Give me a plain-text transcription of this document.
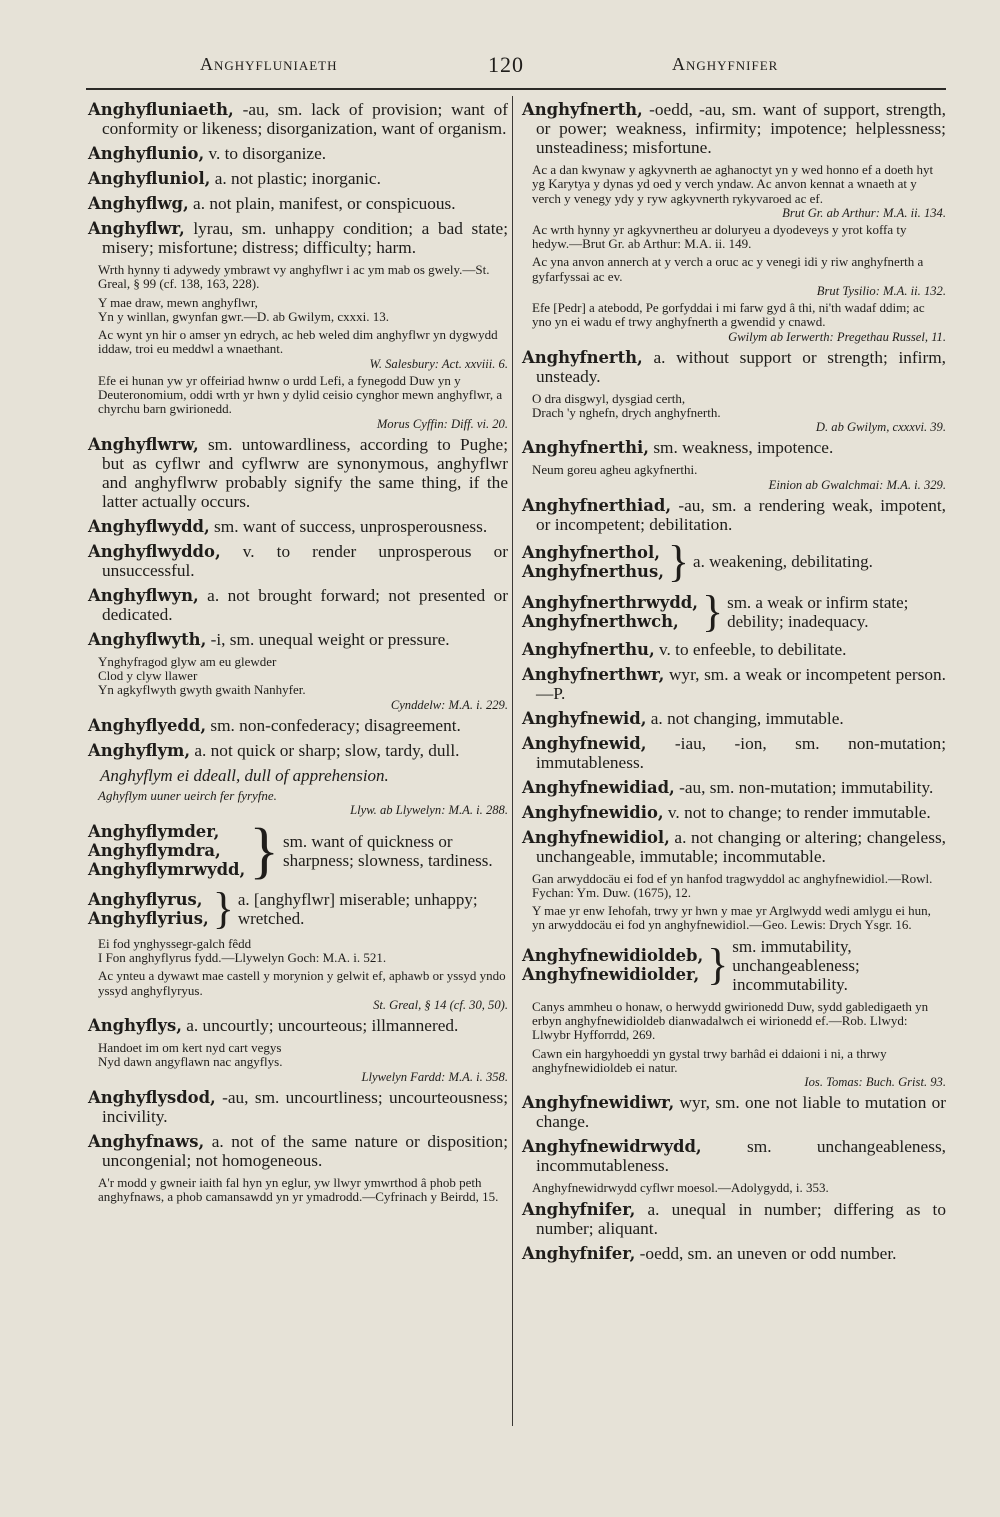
Anghyfluniaeth	120	Anghyfnifer
Anghyfluniaeth, -au, sm. lack of provision; want of conformity or likeness; disorganization, want of organism.
Anghyflunio, v. to disorganize.
Anghyfluniol, a. not plastic; inorganic.
Anghyflwg, a. not plain, manifest, or conspicuous.
Anghyflwr, lyrau, sm. unhappy condition; a bad state; misery; misfortune; distress; difficulty; harm.

Wrth hynny ti adywedy ymbrawt vy anghyflwr i ac ym mab os gwely.—St. Greal, § 99 (cf. 138, 163, 228).

Y mae draw, mewn anghyflwr,

Yn y winllan, gwynfan gwr.—D. ab Gwilym, cxxxi. 13.

Ac wynt yn hir o amser yn edrych, ac heb weled dim anghyflwr yn dygwydd iddaw, troi eu meddwl a wnaethant.

W. Salesbury: Act. xxviii. 6.

Efe ei hunan yw yr offeiriad hwnw o urdd Lefi, a fynegodd Duw yn y Deuteronomium, oddi wrth yr hwn y dylid ceisio cynghor mewn anghyflwr, a chyrchu barn gwirionedd.

Morus Cyffin: Diff. vi. 20.

Anghyflwrw, sm. untowardliness, according to Pughe; but as cyflwr and cyflwrw are synonymous, anghyflwr and anghyflwrw probably signify the same thing, if the latter actually occurs.
Anghyflwydd, sm. want of success, unprosperousness.
Anghyflwyddo, v. to render unprosperous or unsuccessful.
Anghyflwyn, a. not brought forward; not presented or dedicated.
Anghyflwyth, -i, sm. unequal weight or pressure.

Ynghyfragod glyw am eu glewder

Clod y clyw llawer

Yn agkyflwyth gwyth gwaith Nanhyfer.

Cynddelw: M.A. i. 229.

Anghyflyedd, sm. non-confederacy; disagreement.
Anghyflym, a. not quick or sharp; slow, tardy, dull.

Anghyflym ei ddeall, dull of apprehension.

Aghyflym uuner ueirch fer fyryfne.

Llyw. ab Llywelyn: M.A. i. 288.

Anghyflymder,
Anghyflymdra,
Anghyflymrwydd, } sm. want of quickness or sharpness; slowness, tardiness.
Anghyflyrus,
Anghyflyrius, } a. [anghyflwr] miserable; unhappy; wretched.

Ei fod ynghyssegr-galch fêdd

I Fon anghyflyrus fydd.—Llywelyn Goch: M.A. i. 521.

Ac ynteu a dywawt mae castell y morynion y gelwit ef, aphawb or yssyd yndo yssyd anghyflyryus.

St. Greal, § 14 (cf. 30, 50).

Anghyflys, a. uncourtly; uncourteous; illmannered.

Handoet im om kert nyd cart vegys

Nyd dawn angyflawn nac angyflys.

Llywelyn Fardd: M.A. i. 358.

Anghyflysdod, -au, sm. uncourtliness; uncourteousness; incivility.
Anghyfnaws, a. not of the same nature or disposition; uncongenial; not homogeneous.

A'r modd y gwneir iaith fal hyn yn eglur, yw llwyr ymwrthod â phob peth anghyfnaws, a phob camansawdd yn yr ymadrodd.—Cyfrinach y Beirdd, 15.

Anghyfnerth, -oedd, -au, sm. want of support, strength, or power; weakness, infirmity; impotence; helplessness; unsteadiness; misfortune.

Ac a dan kwynaw y agkyvnerth ae aghanoctyt yn y wed honno ef a doeth hyt yg Karytya y dynas yd oed y verch yndaw. Ac anvon kennat a wnaeth at y verch y venegy ydy y ryw agkyvnerth rykyvaroed ac ef.

Brut Gr. ab Arthur: M.A. ii. 134.

Ac wrth hynny yr agkyvnertheu ar doluryeu a dyodeveys y yrot koffa ty hedyw.—Brut Gr. ab Arthur: M.A. ii. 149.

Ac yna anvon annerch at y verch a oruc ac y venegi idi y riw anghyfnerth a gyfarfyssai ac ev.

Brut Tysilio: M.A. ii. 132.

Efe [Pedr] a atebodd, Pe gorfyddai i mi farw gyd â thi, ni'th wadaf ddim; ac yno yn ei wadu ef trwy anghyfnerth a gwendid y cnawd.

Gwilym ab Ierwerth: Pregethau Russel, 11.

Anghyfnerth, a. without support or strength; infirm, unsteady.

O dra disgwyl, dysgiad certh,

Drach 'y nghefn, drych anghyfnerth.

D. ab Gwilym, cxxxvi. 39.

Anghyfnerthi, sm. weakness, impotence.

Neum goreu agheu agkyfnerthi.

Einion ab Gwalchmai: M.A. i. 329.

Anghyfnerthiad, -au, sm. a rendering weak, impotent, or incompetent; debilitation.
Anghyfnerthol,
Anghyfnerthus, } a. weakening, debilitating.
Anghyfnerthrwydd,
Anghyfnerthwch, } sm. a weak or infirm state; debility; inadequacy.
Anghyfnerthu, v. to enfeeble, to debilitate.
Anghyfnerthwr, wyr, sm. a weak or incompetent person.—P.
Anghyfnewid, a. not changing, immutable.
Anghyfnewid, -iau, -ion, sm. non-mutation; immutableness.
Anghyfnewidiad, -au, sm. non-mutation; immutability.
Anghyfnewidio, v. not to change; to render immutable.
Anghyfnewidiol, a. not changing or altering; changeless, unchangeable, immutable; incommutable.

Gan arwyddocäu ei fod ef yn hanfod tragwyddol ac anghyfnewidiol.—Rowl. Fychan: Ym. Duw. (1675), 12.

Y mae yr enw Iehofah, trwy yr hwn y mae yr Arglwydd wedi amlygu ei hun, yn arwyddocäu ei fod yn anghyfnewidiol.—Geo. Lewis: Drych Ysgr. 16.

Anghyfnewidioldeb,
Anghyfnewidiolder, } sm. immutability, unchangeableness; incommutability.

Canys ammheu o honaw, o herwydd gwirionedd Duw, sydd gabledigaeth yn erbyn anghyfnewidioldeb dianwadalwch ei wirionedd ef.—Rob. Llwyd: Llwybr Hyfforrdd, 269.

Cawn ein hargyhoeddi yn gystal trwy barhâd ei ddaioni i ni, a thrwy anghyfnewidioldeb ei natur.

Ios. Tomas: Buch. Grist. 93.

Anghyfnewidiwr, wyr, sm. one not liable to mutation or change.
Anghyfnewidrwydd, sm. unchangeableness, incommutableness.

Anghyfnewidrwydd cyflwr moesol.—Adolygydd, i. 353.

Anghyfnifer, a. unequal in number; differing as to number; aliquant.
Anghyfnifer, -oedd, sm. an uneven or odd number.
